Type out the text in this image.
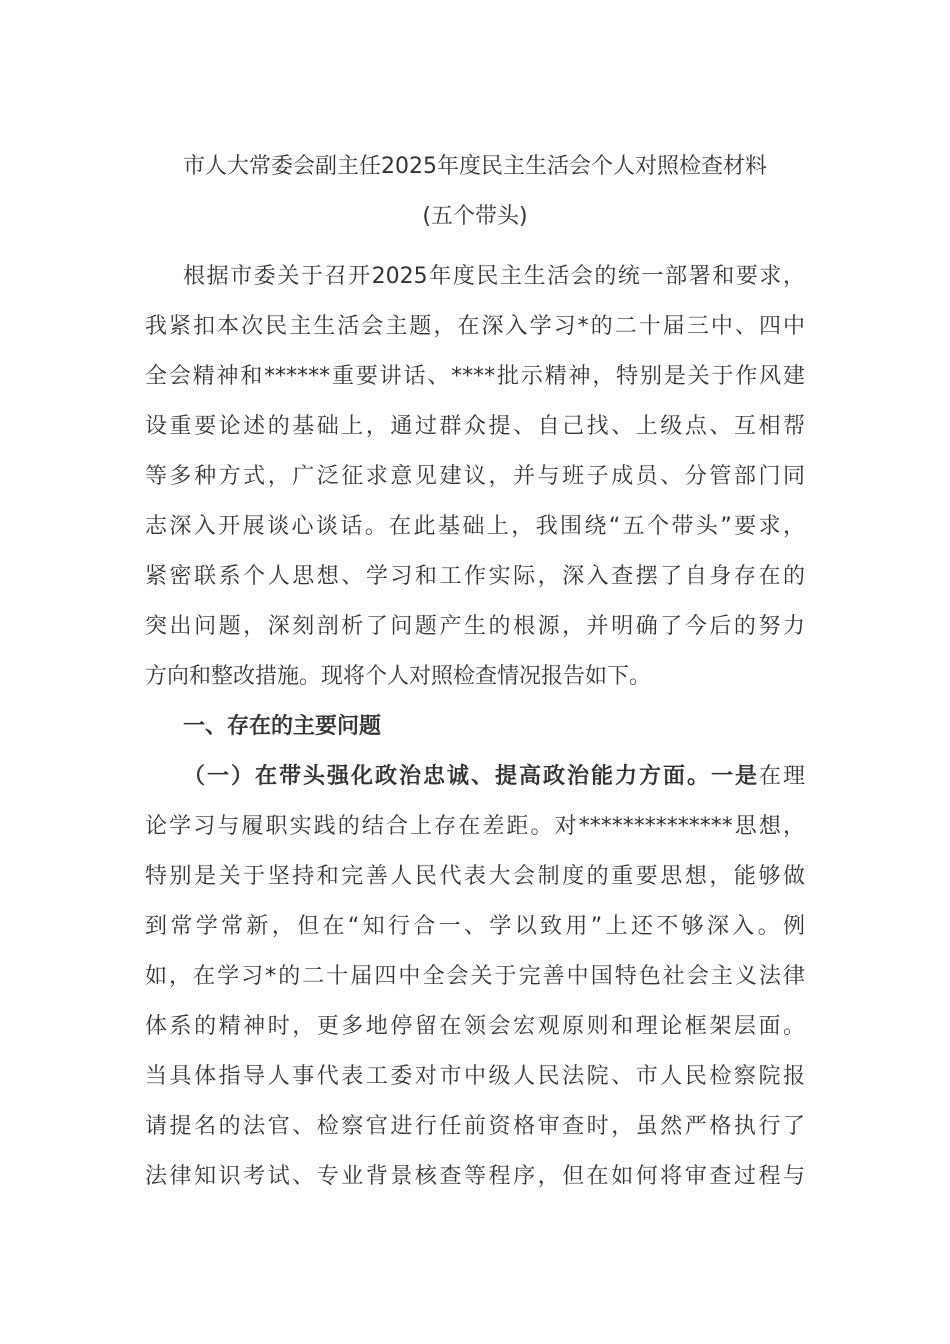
市人大常委会副主任2025年度民主生活会个人对照检查材料
(五个带头)
根据市委关于召开2025年度民主生活会的统一部署和要求，
我紧扣本次民主生活会主题，在深入学习*的二十届三中、四中
全会精神和******重要讲话、****批示精神，特别是关于作风建
设重要论述的基础上，通过群众提、自己找、上级点、互相帮
等多种方式，广泛征求意见建议，并与班子成员、分管部门同
志深入开展谈心谈话。在此基础上，我围绕“五个带头”要求，
紧密联系个人思想、学习和工作实际，深入查摆了自身存在的
突出问题，深刻剖析了问题产生的根源，并明确了今后的努力
方向和整改措施。现将个人对照检查情况报告如下。
一、存在的主要问题
（一）在带头强化政治忠诚、提高政治能力方面。一是在理
论学习与履职实践的结合上存在差距。对**************思想，
特别是关于坚持和完善人民代表大会制度的重要思想，能够做
到常学常新，但在“知行合一、学以致用”上还不够深入。例
如，在学习*的二十届四中全会关于完善中国特色社会主义法律
体系的精神时，更多地停留在领会宏观原则和理论框架层面。
当具体指导人事代表工委对市中级人民法院、市人民检察院报
请提名的法官、检察官进行任前资格审查时，虽然严格执行了
法律知识考试、专业背景核查等程序，但在如何将审查过程与
